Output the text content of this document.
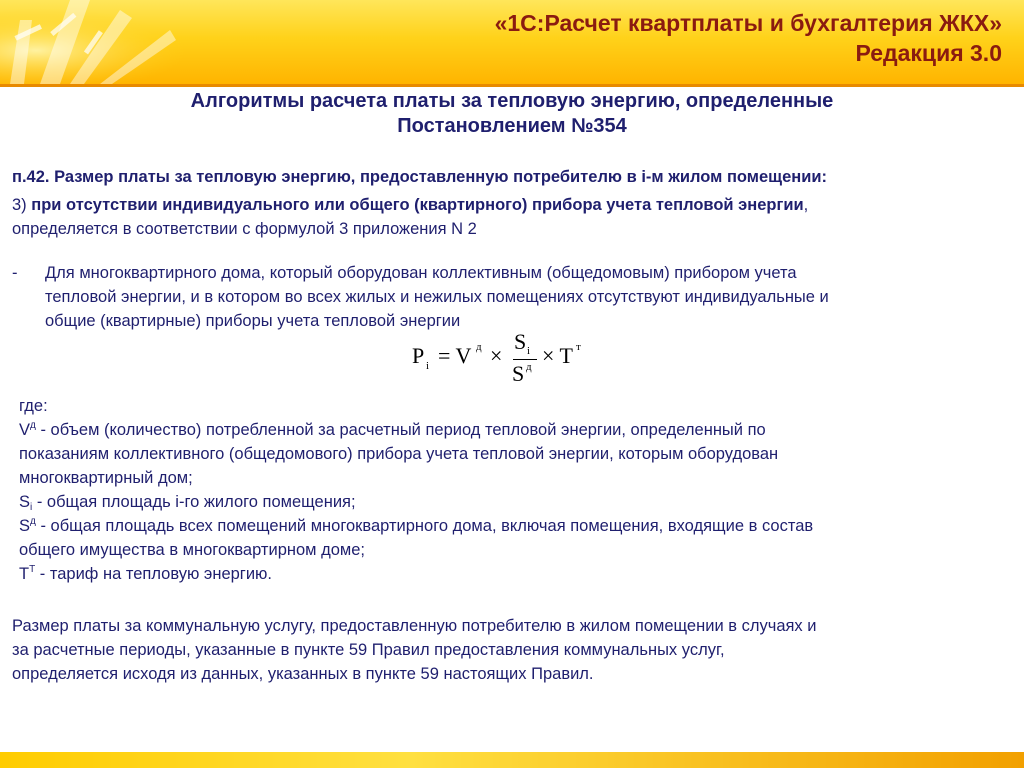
«1С:Расчет квартплаты и бухгалтерия ЖКХ»
Редакция 3.0
Алгоритмы расчета платы за тепловую энергию, определенные
Постановлением №354
п.42. Размер платы за тепловую энергию, предоставленную потребителю в i-м жилом помещении:
3) при отсутствии индивидуального или общего (квартирного) прибора учета тепловой энергии,
определяется в соответствии с формулой 3 приложения N 2
- Для многоквартирного дома, который оборудован коллективным (общедомовым) прибором учета
тепловой энергии, и в котором во всех жилых и нежилых помещениях отсутствуют индивидуальные и
общие (квартирные) приборы учета тепловой энергии
P i = V д ×
S i
S д × T т
где:
$V^д$ - объем (количество) потребленной за расчетный период тепловой энергии, определенный по
показаниям коллективного (общедомового) прибора учета тепловой энергии, которым оборудован
многоквартирный дом;
$S_i$ - общая площадь i-го жилого помещения;
$S^д$ - общая площадь всех помещений многоквартирного дома, включая помещения, входящие в состав
общего имущества в многоквартирном доме;
$T^T$ - тариф на тепловую энергию.
Размер платы за коммунальную услугу, предоставленную потребителю в жилом помещении в случаях и
за расчетные периоды, указанные в пункте 59 Правил предоставления коммунальных услуг,
определяется исходя из данных, указанных в пункте 59 настоящих Правил.
